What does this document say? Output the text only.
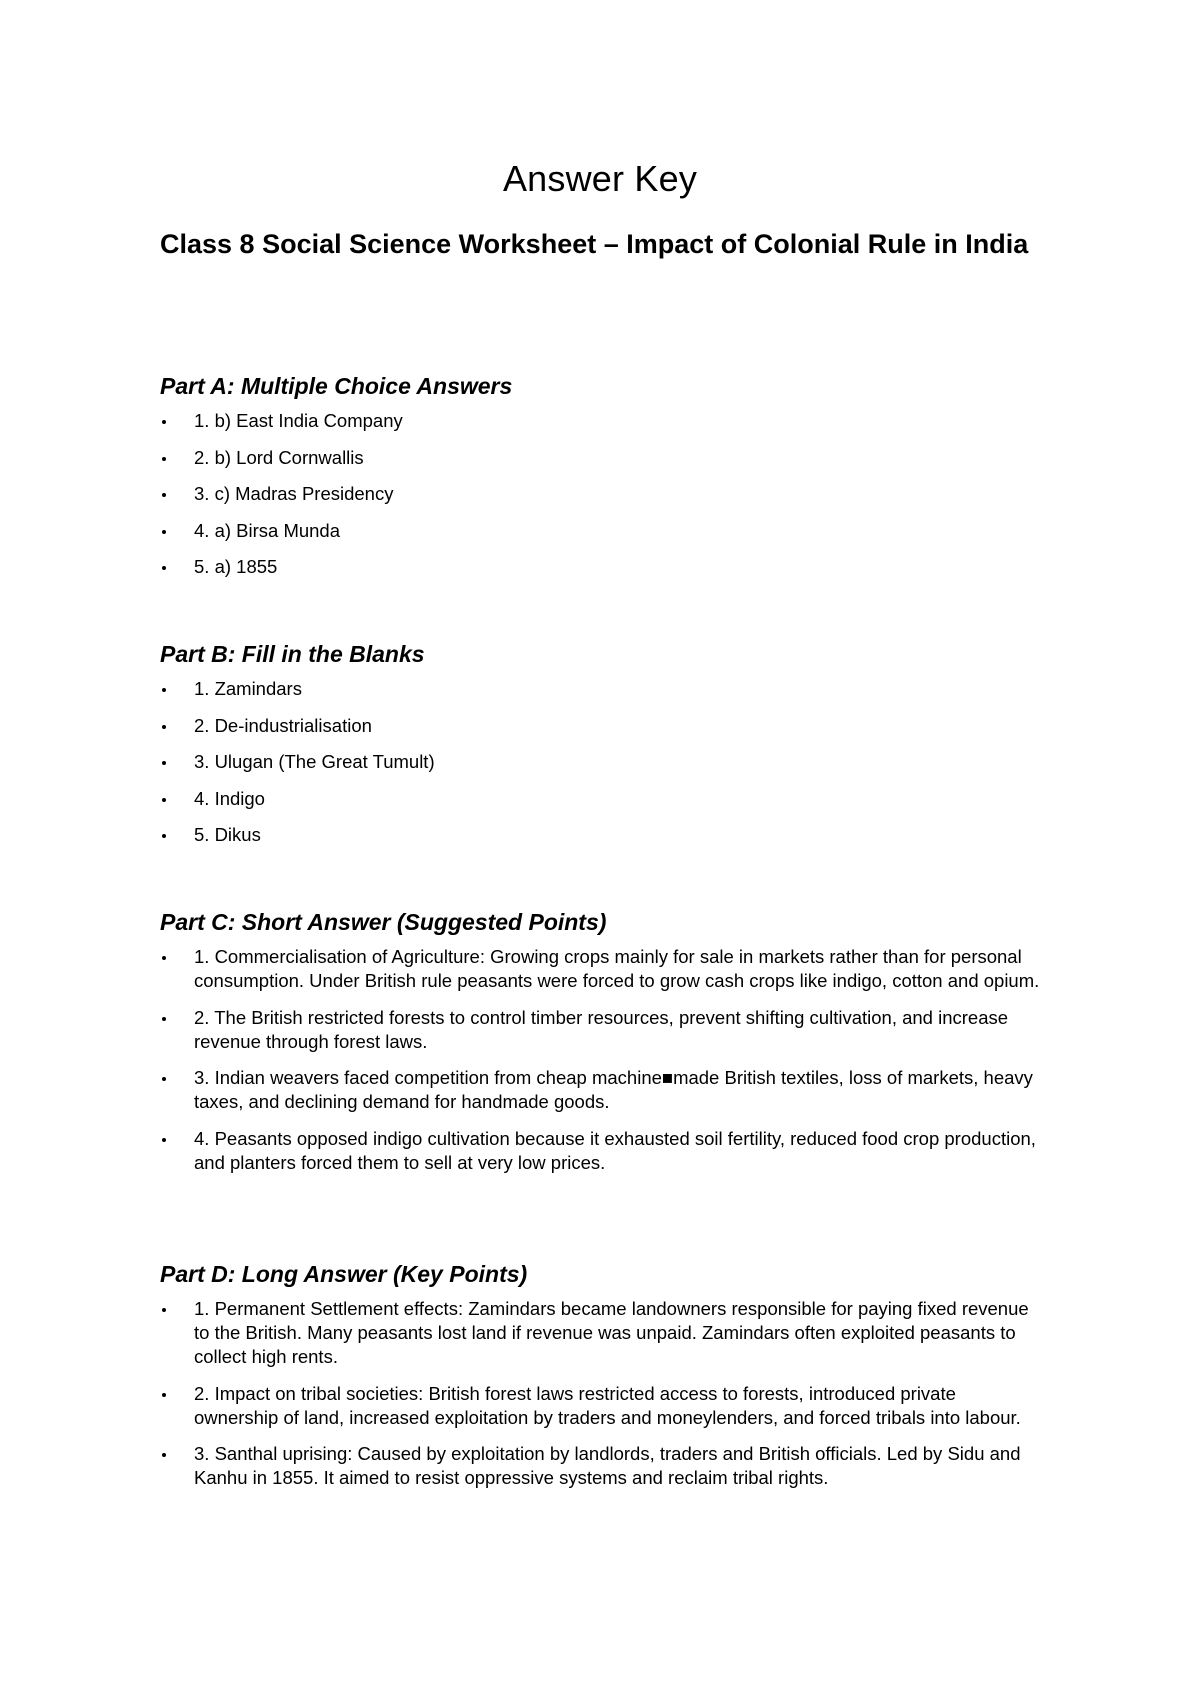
Answer Key
Class 8 Social Science Worksheet – Impact of Colonial Rule in India
Part A: Multiple Choice Answers
1. b) East India Company
2. b) Lord Cornwallis
3. c) Madras Presidency
4. a) Birsa Munda
5. a) 1855
Part B: Fill in the Blanks
1. Zamindars
2. De-industrialisation
3. Ulugan (The Great Tumult)
4. Indigo
5. Dikus
Part C: Short Answer (Suggested Points)
1. Commercialisation of Agriculture: Growing crops mainly for sale in markets rather than for personal consumption. Under British rule peasants were forced to grow cash crops like indigo, cotton and opium.
2. The British restricted forests to control timber resources, prevent shifting cultivation, and increase revenue through forest laws.
3. Indian weavers faced competition from cheap machine■made British textiles, loss of markets, heavy taxes, and declining demand for handmade goods.
4. Peasants opposed indigo cultivation because it exhausted soil fertility, reduced food crop production, and planters forced them to sell at very low prices.
Part D: Long Answer (Key Points)
1. Permanent Settlement effects: Zamindars became landowners responsible for paying fixed revenue to the British. Many peasants lost land if revenue was unpaid. Zamindars often exploited peasants to collect high rents.
2. Impact on tribal societies: British forest laws restricted access to forests, introduced private ownership of land, increased exploitation by traders and moneylenders, and forced tribals into labour.
3. Santhal uprising: Caused by exploitation by landlords, traders and British officials. Led by Sidu and Kanhu in 1855. It aimed to resist oppressive systems and reclaim tribal rights.
